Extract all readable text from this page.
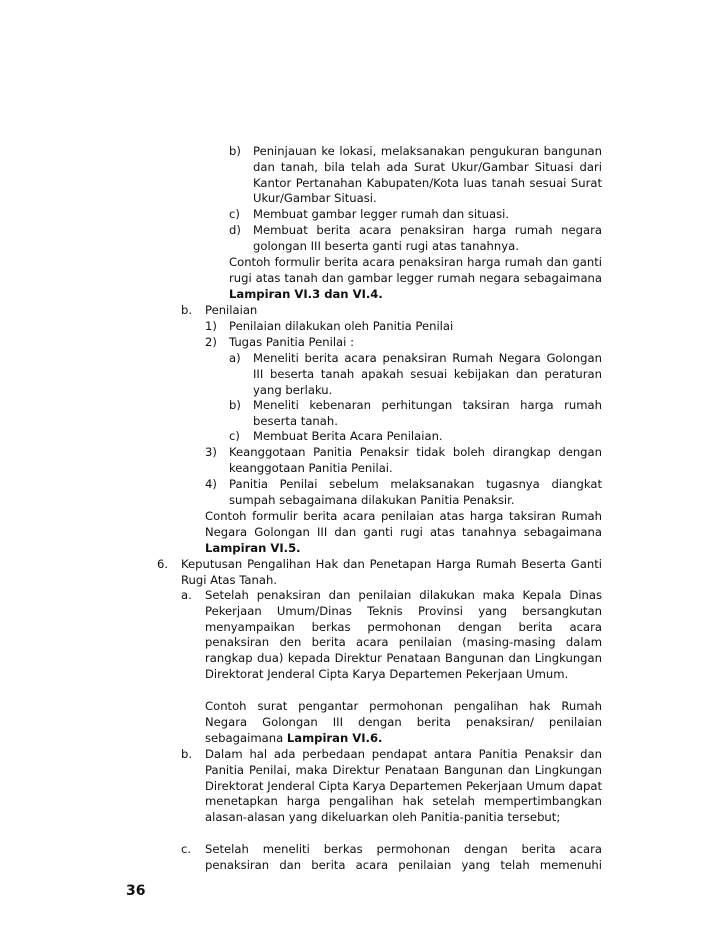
b) Peninjauan ke lokasi, melaksanakan pengukuran bangunan dan tanah, bila telah ada Surat Ukur/Gambar Situasi dari Kantor Pertanahan Kabupaten/Kota luas tanah sesuai Surat Ukur/Gambar Situasi.
c) Membuat gambar legger rumah dan situasi.
d) Membuat berita acara penaksiran harga rumah negara golongan III beserta ganti rugi atas tanahnya.
Contoh formulir berita acara penaksiran harga rumah dan ganti rugi atas tanah dan gambar legger rumah negara sebagaimana Lampiran VI.3 dan VI.4.
b. Penilaian
1) Penilaian dilakukan oleh Panitia Penilai
2) Tugas Panitia Penilai :
a) Meneliti berita acara penaksiran Rumah Negara Golongan III beserta tanah apakah sesuai kebijakan dan peraturan yang berlaku.
b) Meneliti kebenaran perhitungan taksiran harga rumah beserta tanah.
c) Membuat Berita Acara Penilaian.
3) Keanggotaan Panitia Penaksir tidak boleh dirangkap dengan keanggotaan Panitia Penilai.
4) Panitia Penilai sebelum melaksanakan tugasnya diangkat sumpah sebagaimana dilakukan Panitia Penaksir.
Contoh formulir berita acara penilaian atas harga taksiran Rumah Negara Golongan III dan ganti rugi atas tanahnya sebagaimana Lampiran VI.5.
6. Keputusan Pengalihan Hak dan Penetapan Harga Rumah Beserta Ganti Rugi Atas Tanah.
a. Setelah penaksiran dan penilaian dilakukan maka Kepala Dinas Pekerjaan Umum/Dinas Teknis Provinsi yang bersangkutan menyampaikan berkas permohonan dengan berita acara penaksiran den berita acara penilaian (masing-masing dalam rangkap dua) kepada Direktur Penataan Bangunan dan Lingkungan Direktorat Jenderal Cipta Karya Departemen Pekerjaan Umum.
Contoh surat pengantar permohonan pengalihan hak Rumah Negara Golongan III dengan berita penaksiran/ penilaian sebagaimana Lampiran VI.6.
b. Dalam hal ada perbedaan pendapat antara Panitia Penaksir dan Panitia Penilai, maka Direktur Penataan Bangunan dan Lingkungan Direktorat Jenderal Cipta Karya Departemen Pekerjaan Umum dapat menetapkan harga pengalihan hak setelah mempertimbangkan alasan-alasan yang dikeluarkan oleh Panitia-panitia tersebut;
c. Setelah meneliti berkas permohonan dengan berita acara penaksiran dan berita acara penilaian yang telah memenuhi
36
